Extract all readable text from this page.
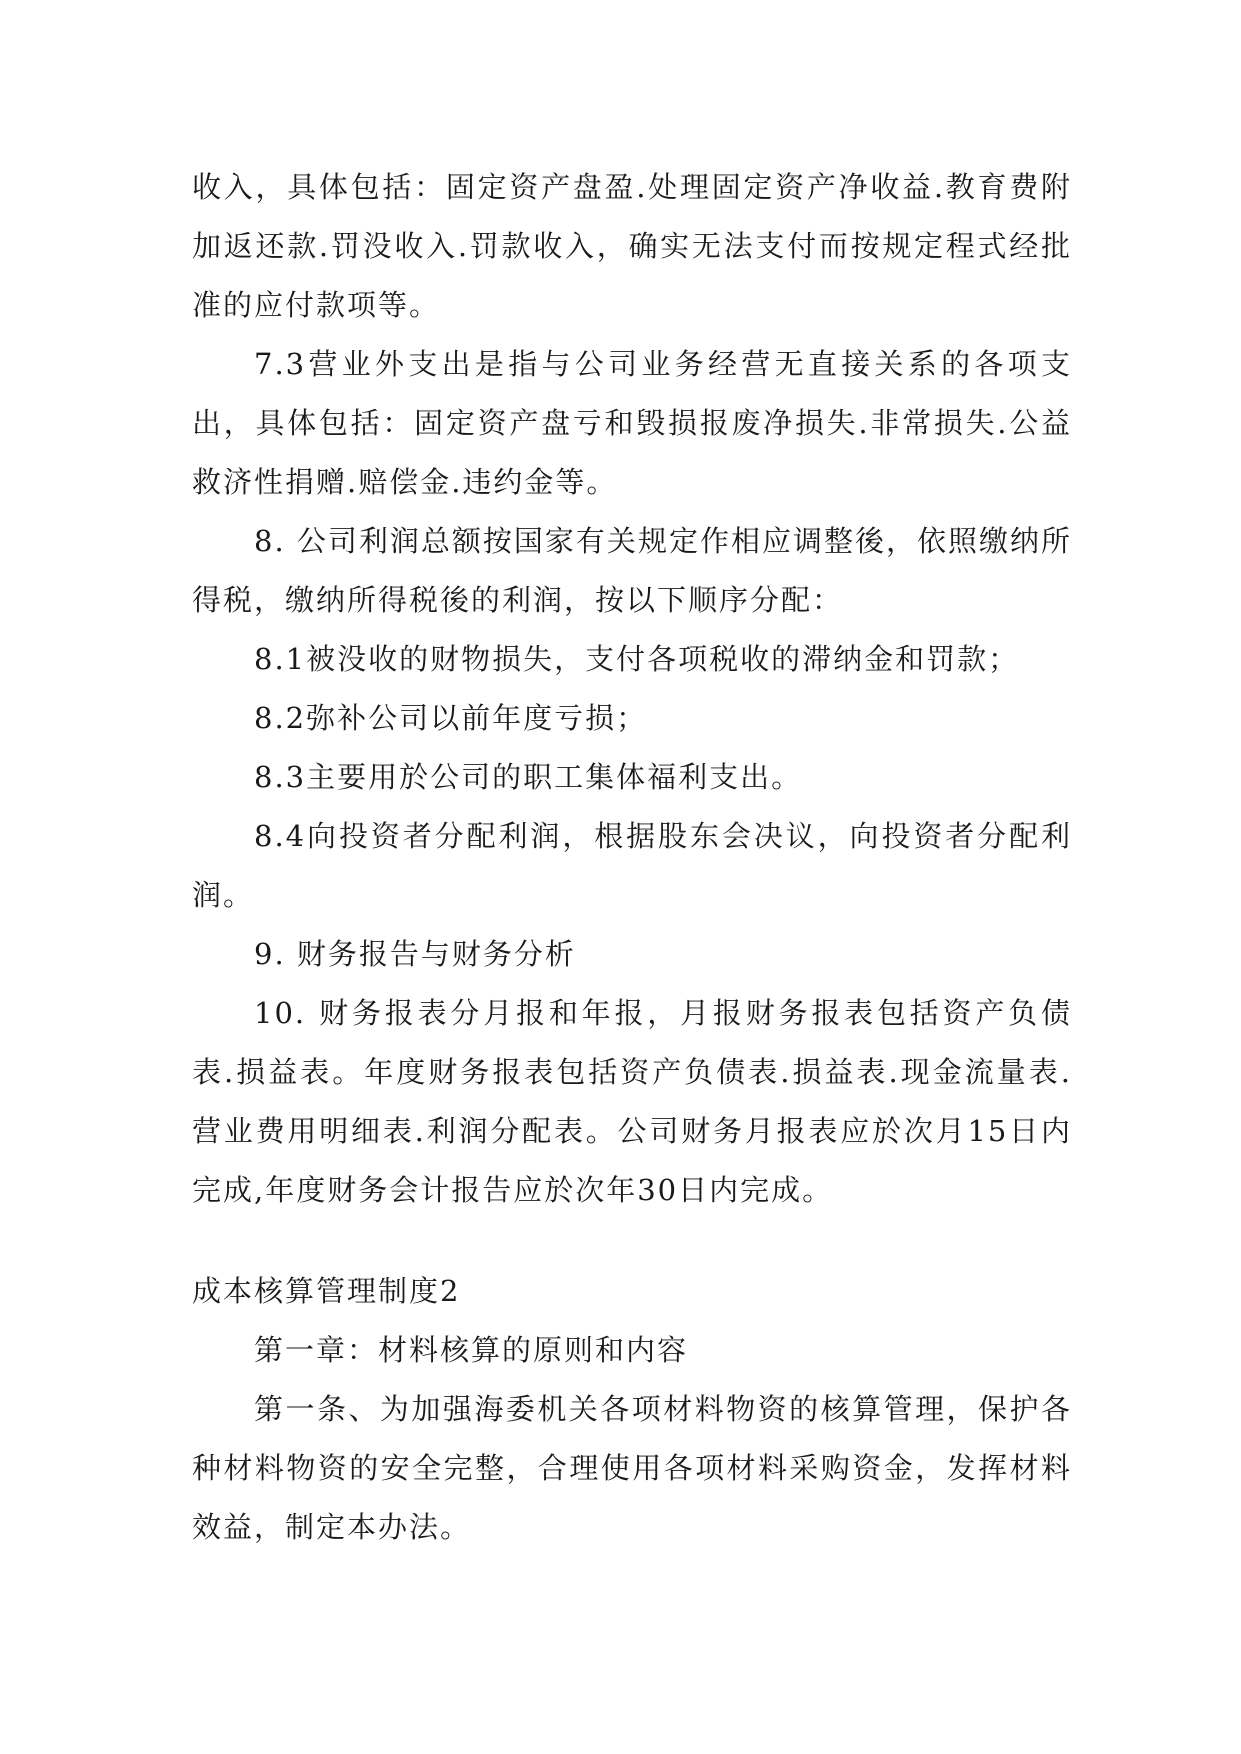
收入，具体包括：固定资产盘盈.处理固定资产净收益.教育费附加返还款.罚没收入.罚款收入，确实无法支付而按规定程式经批准的应付款项等。

7.3营业外支出是指与公司业务经营无直接关系的各项支出，具体包括：固定资产盘亏和毁损报废净损失.非常损失.公益救济性捐赠.赔偿金.违约金等。

8. 公司利润总额按国家有关规定作相应调整後，依照缴纳所得税，缴纳所得税後的利润，按以下顺序分配：

8.1被没收的财物损失，支付各项税收的滞纳金和罚款；

8.2弥补公司以前年度亏损；

8.3主要用於公司的职工集体福利支出。

8.4向投资者分配利润，根据股东会决议，向投资者分配利润。

9. 财务报告与财务分析

10. 财务报表分月报和年报，月报财务报表包括资产负债表.损益表。年度财务报表包括资产负债表.损益表.现金流量表.营业费用明细表.利润分配表。公司财务月报表应於次月15日内完成,年度财务会计报告应於次年30日内完成。

成本核算管理制度2

第一章：材料核算的原则和内容

第一条、为加强海委机关各项材料物资的核算管理，保护各种材料物资的安全完整，合理使用各项材料采购资金，发挥材料效益，制定本办法。
